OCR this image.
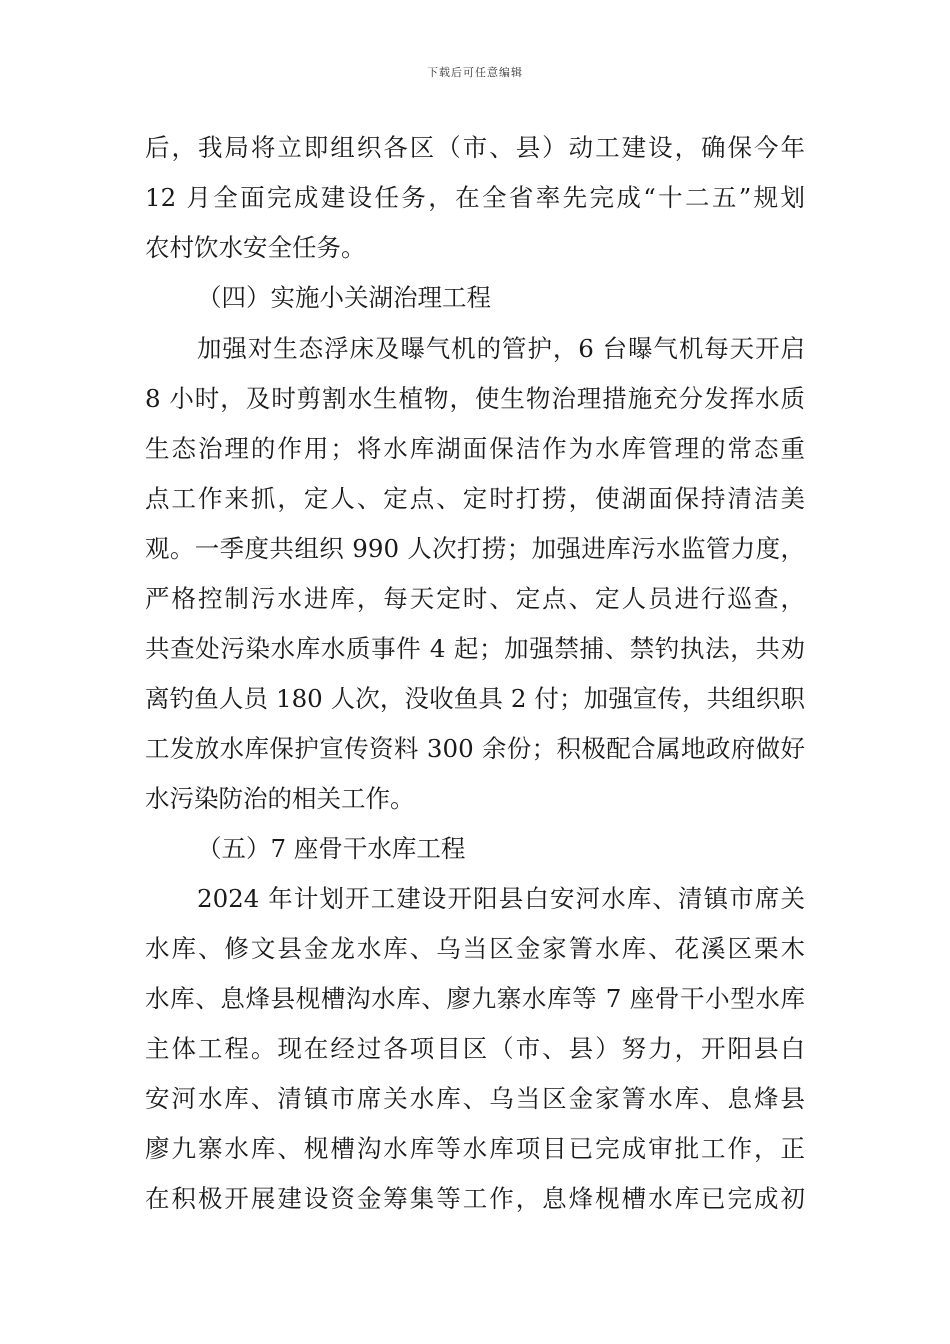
下载后可任意编辑

后，我局将立即组织各区（市、县）动工建设，确保今年

12 月全面完成建设任务，在全省率先完成“十二五”规划

农村饮水安全任务。

（四）实施小关湖治理工程

加强对生态浮床及曝气机的管护，6 台曝气机每天开启

8 小时，及时剪割水生植物，使生物治理措施充分发挥水质

生态治理的作用；将水库湖面保洁作为水库管理的常态重

点工作来抓，定人、定点、定时打捞，使湖面保持清洁美

观。一季度共组织 990 人次打捞；加强进库污水监管力度，

严格控制污水进库，每天定时、定点、定人员进行巡查，

共查处污染水库水质事件 4 起；加强禁捕、禁钓执法，共劝

离钓鱼人员 180 人次，没收鱼具 2 付；加强宣传，共组织职

工发放水库保护宣传资料 300 余份；积极配合属地政府做好

水污染防治的相关工作。

（五）7 座骨干水库工程

2024 年计划开工建设开阳县白安河水库、清镇市席关

水库、修文县金龙水库、乌当区金家箐水库、花溪区栗木

水库、息烽县枧槽沟水库、廖九寨水库等 7 座骨干小型水库

主体工程。现在经过各项目区（市、县）努力，开阳县白

安河水库、清镇市席关水库、乌当区金家箐水库、息烽县

廖九寨水库、枧槽沟水库等水库项目已完成审批工作，正

在积极开展建设资金筹集等工作，息烽枧槽水库已完成初
